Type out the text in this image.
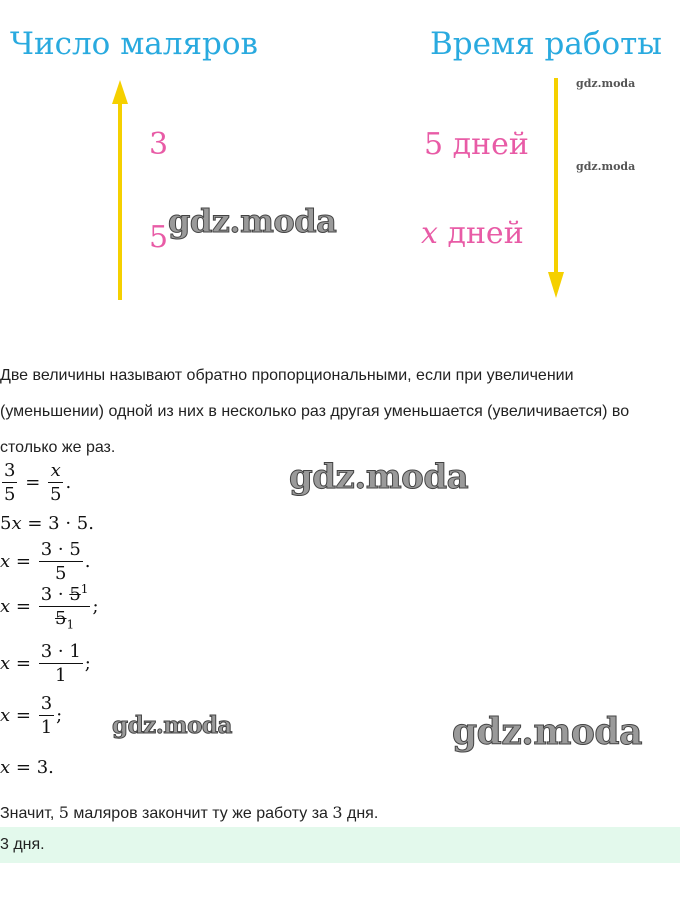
Число маляров	Время работы
3
5
5 дней
x дней
gdz.moda
gdz.moda
gdz.moda
gdz.moda
gdz.moda	gdz.moda
Две величины называют обратно пропорциональными, если при увеличении (уменьшении) одной из них в несколько раз другая уменьшается (увеличивается) во столько же раз.
$\frac{3}{5} = \frac{x}{5}$ .
5x = 3 · 5.
$x = \frac{3 \cdot 5}{5}$ .
$x = \frac{3 \cdot 5^1}{5_1}$ ;
$x = \frac{3 \cdot 1}{1}$ ;
$x = \frac{3}{1}$ ;
x = 3.
Значит, 5 маляров закончит ту же работу за 3 дня.
3 дня.
